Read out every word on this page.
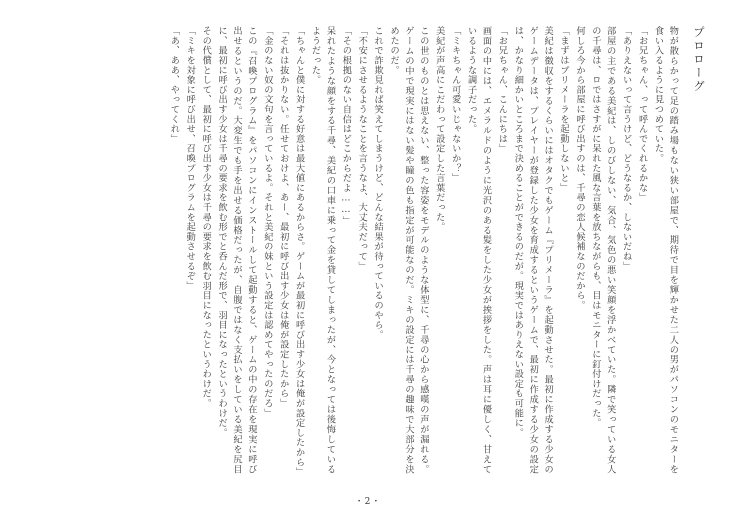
プロローグ
物が散らかって足の踏み場もない狭い部屋で、期待で目を輝かせた二人の男がパソコンのモニターを食い入るように見つめていた。
「お兄ちゃん、って呼んでくれるかな」
「ありえないって言うけど、どうなるか、しないだね」
部屋の主である美紀は、しのびしない、気合、気色の悪い笑顔を浮かべていた。隣で笑っている女人の千尋は、ロではさすがに呆れた風な言葉を放ちながらも、目はモニターに釘付けだった。
何しろ今から部屋に呼び出すのは、千尋の恋人候補なのだから。
「まずはプリメーラを起動しないと」
美紀は徴収をするくらいにはオタクでもゲーム『プリメーラ』を起動させた。最初に作成する少女のゲームデータは、プレイヤーが登録した少女を育成するというゲームで、最初に作成する少女の設定は、かなり細かいところまで決めることができるのだが。現実ではありえない設定も可能に。
「お兄ちゃん、こんにちは」
画面の中には、エメラルドのように光沢のある髪をした少女が挨拶をした。声は耳に優しく、甘えているような調子だった。
「ミキちゃん可愛いじゃないか？」
美紀が声高にこだわって設定した言葉だった。
この世のものとは思えない、整った容姿をモデルのような体型に、千尋の心から感嘆の声が漏れる。ゲームの中で現実にはない髪や瞳の色も指定が可能なのだ。ミキの設定には千尋の趣味で大部分を決めたのだ。
これで詐欺見れば笑えてしまうけど、どんな結果が待っているのやら。
「不安にさせるようなことを言うなよ、大丈夫だって」
「その根拠のない自信はどこからだよ……」
呆れたような顔をする千尋、美紀の口車に乗って金を貸してしまったが、今となっては後悔しているようだった。
「ちゃんと僕に対する好意は最大値にあるからさ。ゲームが最初に呼び出す少女は俺が設定したから」
「それは抜かりない。任せておけよ、あー、最初に呼び出す少女は俺が設定したから」
「金のない奴の文句を言っているよ。それと美紀の妹という設定は認めてやったのだろ」
この『召喚プログラム』をパソコンにインストールして起動すると、ゲームの中の存在を現実に呼び出せるというのだ。大変生でも手を出せる価格だったが、自腹ではなく支払いをしている美紀を尻目に、最初に呼び出す少女は千尋の要求を飲む形でと呑んだ形で、羽目になったというわけだ。
その代償として、最初に呼び出す少女は千尋の要求を飲む羽目になったというわけだ。
「ミキを対象に呼び出せ、召喚プログラムを起動させるぞ」
「あ、ああ、やってくれ」
・2・
